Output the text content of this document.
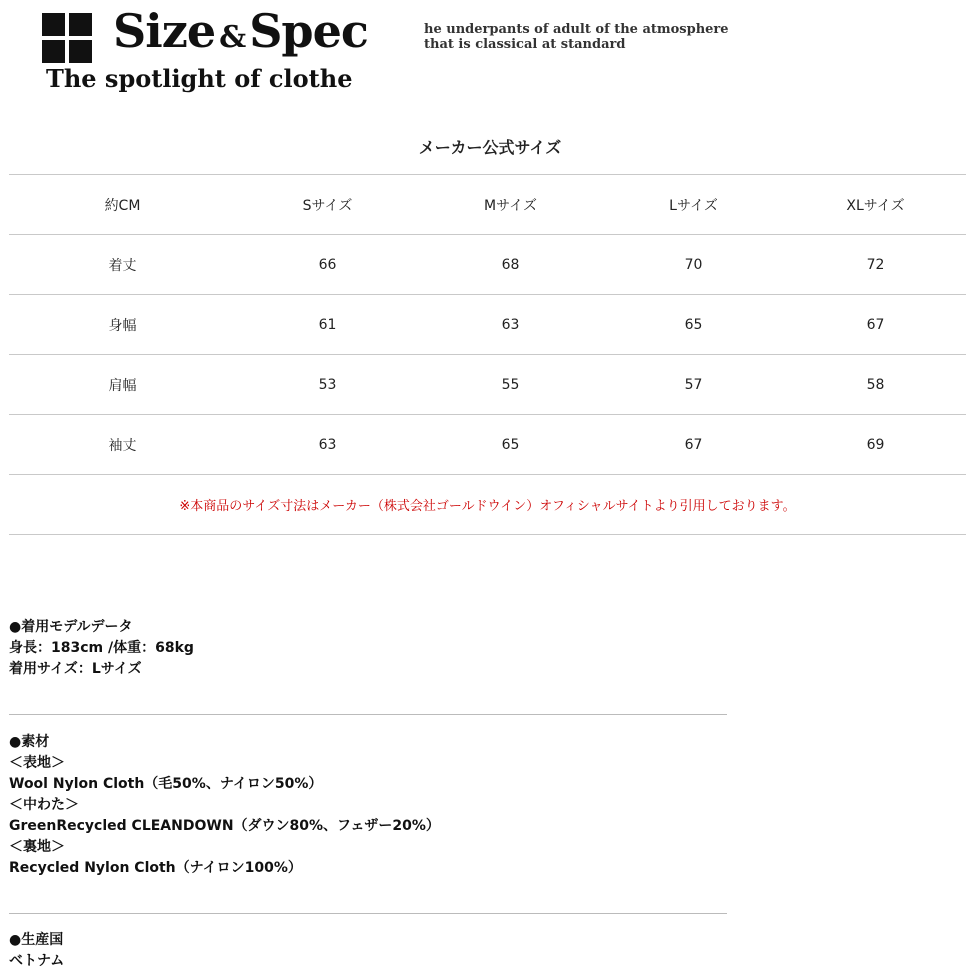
Size &Spec
The spotlight of clothe
he underpants of adult of the atmosphere
that is classical at standard
メーカー公式サイズ
約CM	Sサイズ	Mサイズ	Lサイズ	XLサイズ
着丈	66	68	70	72
身幅	61	63	65	67
肩幅	53	55	57	58
袖丈	63	65	67	69
※本商品のサイズ寸法はメーカー（株式会社ゴールドウイン）オフィシャルサイトより引用しております。				
●着用モデルデータ
身長：183cm /体重：68kg
着用サイズ：Lサイズ
●素材
＜表地＞
Wool Nylon Cloth（毛50%、ナイロン50%）
＜中わた＞
GreenRecycled CLEANDOWN（ダウン80%、フェザー20%）
＜裏地＞
Recycled Nylon Cloth（ナイロン100%）
●生産国
ベトナム
